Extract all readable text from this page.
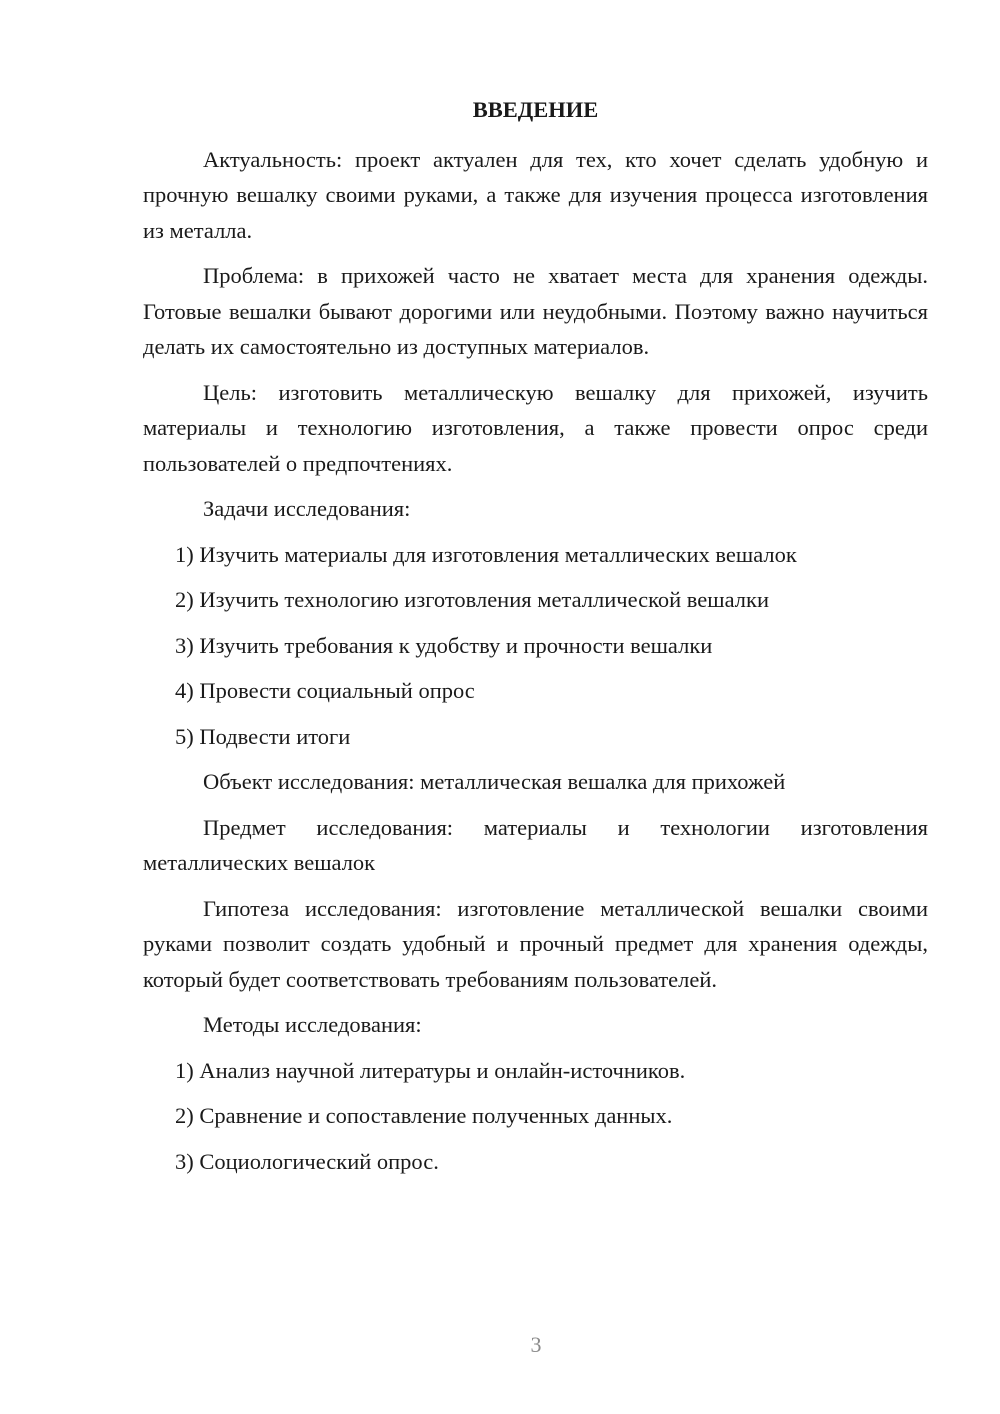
ВВЕДЕНИЕ

Актуальность: проект актуален для тех, кто хочет сделать удобную и прочную вешалку своими руками, а также для изучения процесса изготовления из металла.

Проблема: в прихожей часто не хватает места для хранения одежды. Готовые вешалки бывают дорогими или неудобными. Поэтому важно научиться делать их самостоятельно из доступных материалов.

Цель: изготовить металлическую вешалку для прихожей, изучить материалы и технологию изготовления, а также провести опрос среди пользователей о предпочтениях.

Задачи исследования:

1) Изучить материалы для изготовления металлических вешалок
2) Изучить технологию изготовления металлической вешалки
3) Изучить требования к удобству и прочности вешалки
4) Провести социальный опрос
5) Подвести итоги

Объект исследования: металлическая вешалка для прихожей

Предмет исследования: материалы и технологии изготовления металлических вешалок

Гипотеза исследования: изготовление металлической вешалки своими руками позволит создать удобный и прочный предмет для хранения одежды, который будет соответствовать требованиям пользователей.

Методы исследования:

1) Анализ научной литературы и онлайн-источников.
2) Сравнение и сопоставление полученных данных.
3) Социологический опрос.
3
